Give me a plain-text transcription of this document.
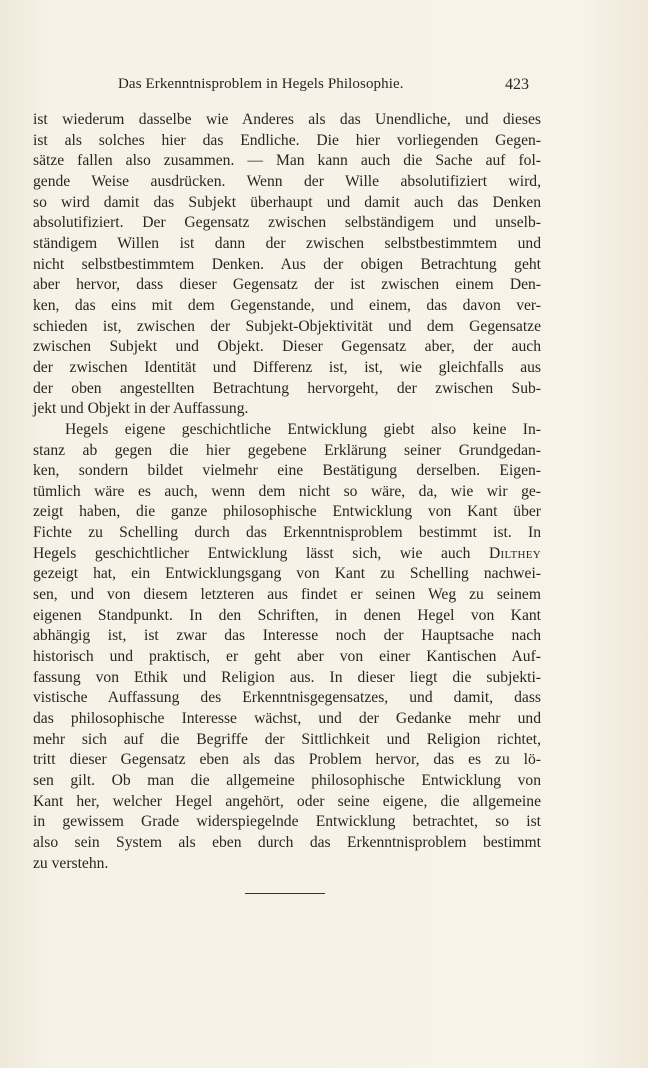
Das Erkenntnisproblem in Hegels Philosophie.	423
ist wiederum dasselbe wie Anderes als das Unendliche, und dieses
ist als solches hier das Endliche. Die hier vorliegenden Gegen-
sätze fallen also zusammen. — Man kann auch die Sache auf fol-
gende Weise ausdrücken. Wenn der Wille absolutifiziert wird,
so wird damit das Subjekt überhaupt und damit auch das Denken
absolutifiziert. Der Gegensatz zwischen selbständigem und unselb-
ständigem Willen ist dann der zwischen selbstbestimmtem und
nicht selbstbestimmtem Denken. Aus der obigen Betrachtung geht
aber hervor, dass dieser Gegensatz der ist zwischen einem Den-
ken, das eins mit dem Gegenstande, und einem, das davon ver-
schieden ist, zwischen der Subjekt-Objektivität und dem Gegensatze
zwischen Subjekt und Objekt. Dieser Gegensatz aber, der auch
der zwischen Identität und Differenz ist, ist, wie gleichfalls aus
der oben angestellten Betrachtung hervorgeht, der zwischen Sub-
jekt und Objekt in der Auffassung.
Hegels eigene geschichtliche Entwicklung giebt also keine In-
stanz ab gegen die hier gegebene Erklärung seiner Grundgedan-
ken, sondern bildet vielmehr eine Bestätigung derselben. Eigen-
tümlich wäre es auch, wenn dem nicht so wäre, da, wie wir ge-
zeigt haben, die ganze philosophische Entwicklung von Kant über
Fichte zu Schelling durch das Erkenntnisproblem bestimmt ist. In
Hegels geschichtlicher Entwicklung lässt sich, wie auch Dilthey
gezeigt hat, ein Entwicklungsgang von Kant zu Schelling nachwei-
sen, und von diesem letzteren aus findet er seinen Weg zu seinem
eigenen Standpunkt. In den Schriften, in denen Hegel von Kant
abhängig ist, ist zwar das Interesse noch der Hauptsache nach
historisch und praktisch, er geht aber von einer Kantischen Auf-
fassung von Ethik und Religion aus. In dieser liegt die subjekti-
vistische Auffassung des Erkenntnisgegensatzes, und damit, dass
das philosophische Interesse wächst, und der Gedanke mehr und
mehr sich auf die Begriffe der Sittlichkeit und Religion richtet,
tritt dieser Gegensatz eben als das Problem hervor, das es zu lö-
sen gilt. Ob man die allgemeine philosophische Entwicklung von
Kant her, welcher Hegel angehört, oder seine eigene, die allgemeine
in gewissem Grade widerspiegelnde Entwicklung betrachtet, so ist
also sein System als eben durch das Erkenntnisproblem bestimmt
zu verstehn.
